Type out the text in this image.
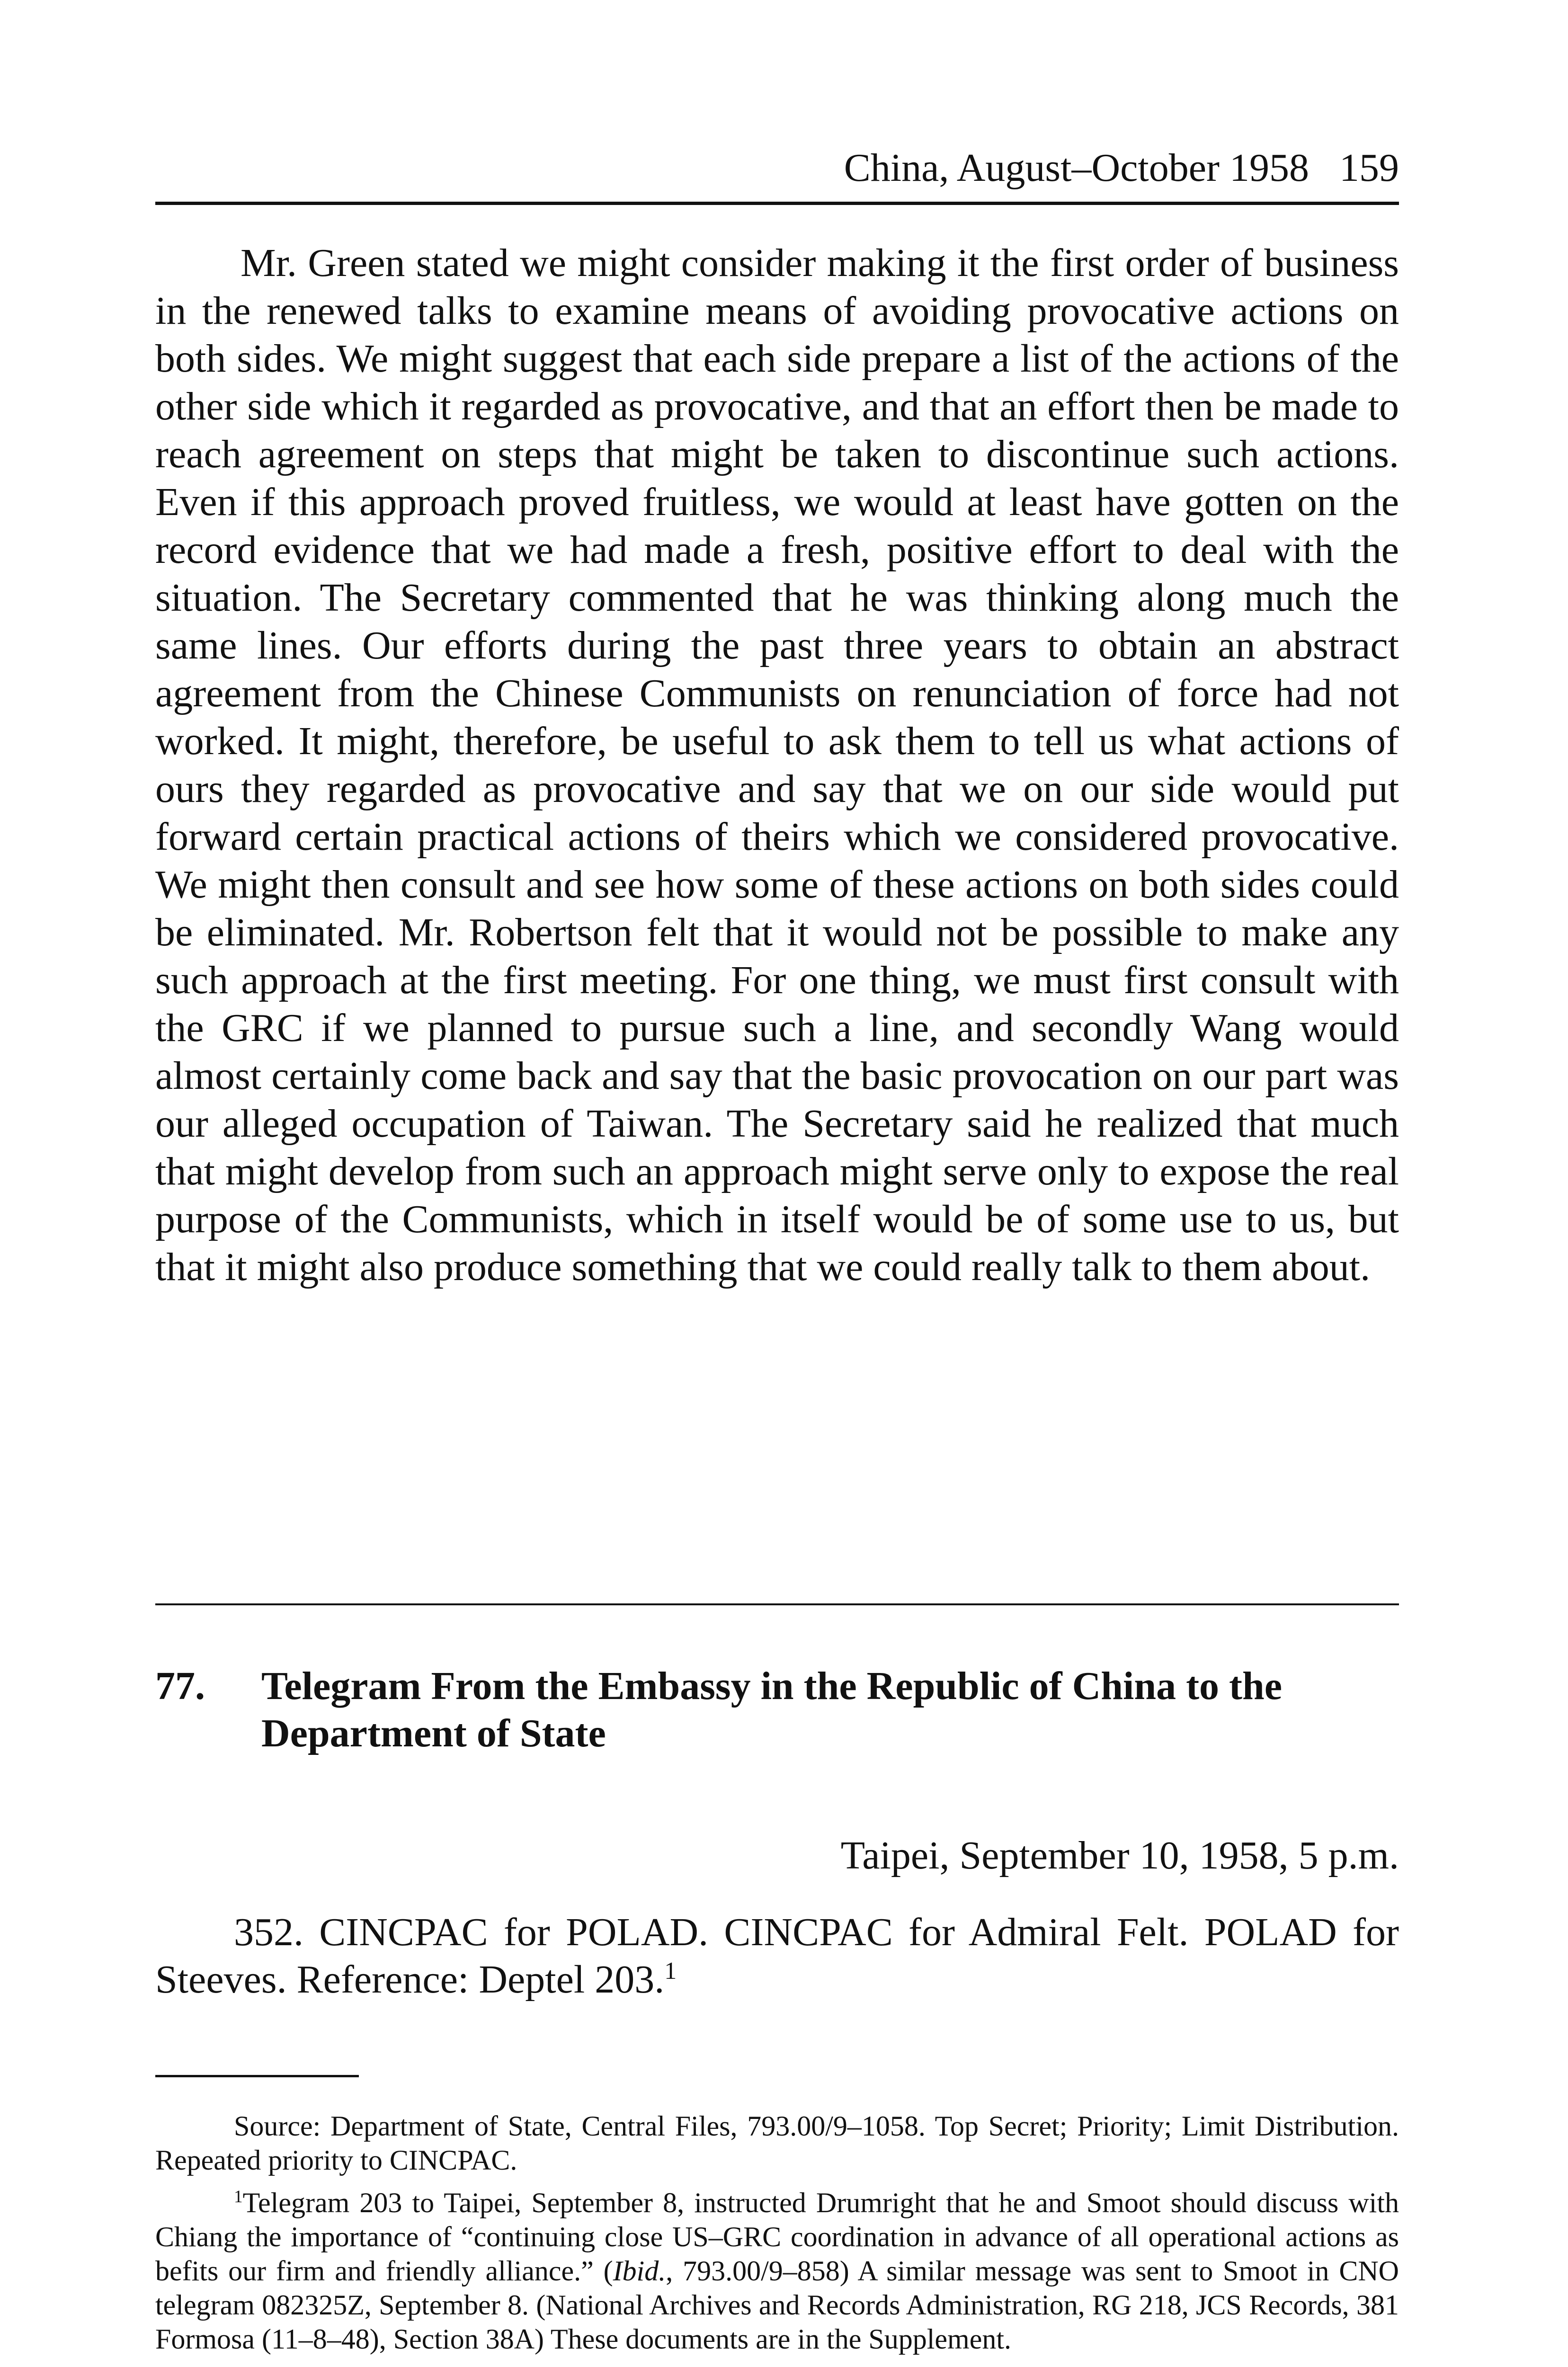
China, August–October 1958 159

Mr. Green stated we might consider making it the first order of business in the renewed talks to examine means of avoiding provocative actions on both sides. We might suggest that each side prepare a list of the actions of the other side which it regarded as provocative, and that an effort then be made to reach agreement on steps that might be taken to discontinue such actions. Even if this approach proved fruitless, we would at least have gotten on the record evidence that we had made a fresh, positive effort to deal with the situation. The Secretary commented that he was thinking along much the same lines. Our efforts during the past three years to obtain an abstract agreement from the Chinese Communists on renunciation of force had not worked. It might, therefore, be useful to ask them to tell us what actions of ours they regarded as provocative and say that we on our side would put forward certain practical actions of theirs which we considered provocative. We might then consult and see how some of these actions on both sides could be eliminated. Mr. Robertson felt that it would not be possible to make any such approach at the first meeting. For one thing, we must first consult with the GRC if we planned to pursue such a line, and secondly Wang would almost certainly come back and say that the basic provocation on our part was our alleged occupation of Taiwan. The Secretary said he realized that much that might develop from such an approach might serve only to expose the real purpose of the Communists, which in itself would be of some use to us, but that it might also produce something that we could really talk to them about.

77. Telegram From the Embassy in the Republic of China to the Department of State

Taipei, September 10, 1958, 5 p.m.

352. CINCPAC for POLAD. CINCPAC for Admiral Felt. POLAD for Steeves. Reference: Deptel 203.$^1$

Source: Department of State, Central Files, 793.00/9–1058. Top Secret; Priority; Limit Distribution. Repeated priority to CINCPAC.

$^1$Telegram 203 to Taipei, September 8, instructed Drumright that he and Smoot should discuss with Chiang the importance of “continuing close US–GRC coordination in advance of all operational actions as befits our firm and friendly alliance.” (Ibid., 793.00/9–858) A similar message was sent to Smoot in CNO telegram 082325Z, September 8. (National Archives and Records Administration, RG 218, JCS Records, 381 Formosa (11–8–48), Section 38A) These documents are in the Supplement.
